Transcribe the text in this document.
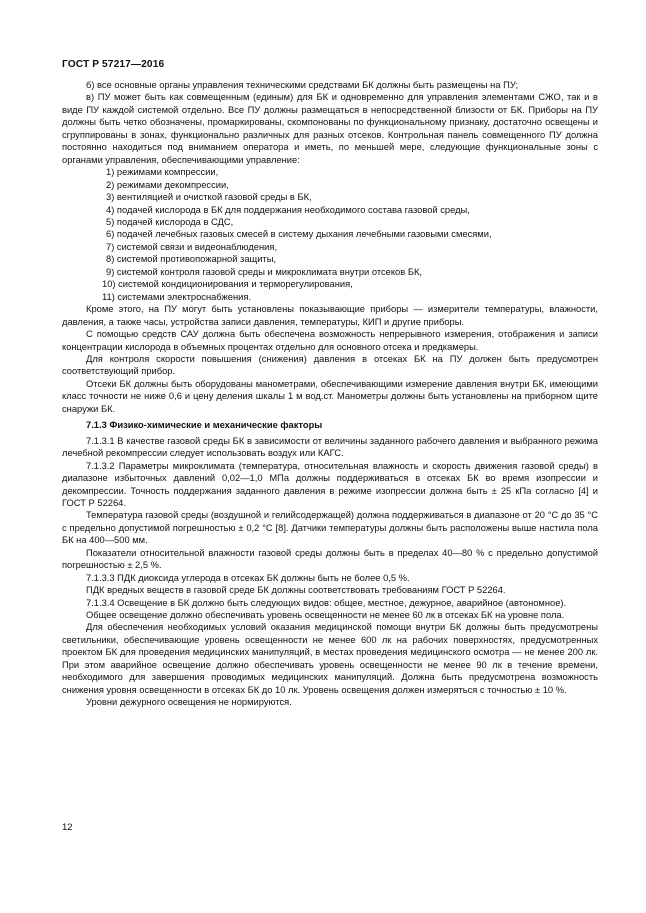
ГОСТ Р 57217—2016

б) все основные органы управления техническими средствами БК должны быть размещены на ПУ;

в) ПУ может быть как совмещенным (единым) для БК и одновременно для управления элементами СЖО, так и в виде ПУ каждой системой отдельно. Все ПУ должны размещаться в непосредственной близости от БК. Приборы на ПУ должны быть четко обозначены, промаркированы, скомпонованы по функциональному признаку, достаточно освещены и сгруппированы в зонах, функционально различных для разных отсеков. Контрольная панель совмещенного ПУ должна постоянно находиться под вниманием оператора и иметь, по меньшей мере, следующие функциональные зоны с органами управления, обеспечивающими управление:

1) режимами компрессии,

2) режимами декомпрессии,

3) вентиляцией и очисткой газовой среды в БК,

4) подачей кислорода в БК для поддержания необходимого состава газовой среды,

5) подачей кислорода в СДС,

6) подачей лечебных газовых смесей в систему дыхания лечебными газовыми смесями,

7) системой связи и видеонаблюдения,

8) системой противопожарной защиты,

9) системой контроля газовой среды и микроклимата внутри отсеков БК,

10) системой кондиционирования и терморегулирования,

11) системами электроснабжения.

Кроме этого, на ПУ могут быть установлены показывающие приборы — измерители температуры, влажности, давления, а также часы, устройства записи давления, температуры, КИП и другие приборы.

С помощью средств САУ должна быть обеспечена возможность непрерывного измерения, отображения и записи концентрации кислорода в объемных процентах отдельно для основного отсека и предкамеры.

Для контроля скорости повышения (снижения) давления в отсеках БК на ПУ должен быть предусмотрен соответствующий прибор.

Отсеки БК должны быть оборудованы манометрами, обеспечивающими измерение давления внутри БК, имеющими класс точности не ниже 0,6 и цену деления шкалы 1 м вод.ст. Манометры должны быть установлены на приборном щите снаружи БК.

7.1.3 Физико-химические и механические факторы

7.1.3.1 В качестве газовой среды БК в зависимости от величины заданного рабочего давления и выбранного режима лечебной рекомпрессии следует использовать воздух или КАГС.

7.1.3.2 Параметры микроклимата (температура, относительная влажность и скорость движения газовой среды) в диапазоне избыточных давлений 0,02—1,0 МПа должны поддерживаться в отсеках БК во время изопрессии и декомпрессии. Точность поддержания заданного давления в режиме изопрессии должна быть ± 25 кПа согласно [4] и ГОСТ Р 52264.

Температура газовой среды (воздушной и гелийсодержащей) должна поддерживаться в диапазоне от 20 °С до 35 °С с предельно допустимой погрешностью ± 0,2 °С [8]. Датчики температуры должны быть расположены выше настила пола БК на 400—500 мм.

Показатели относительной влажности газовой среды должны быть в пределах 40—80 % с предельно допустимой погрешностью ± 2,5 %.

7.1.3.3 ПДК диоксида углерода в отсеках БК должны быть не более 0,5 %.

ПДК вредных веществ в газовой среде БК должны соответствовать требованиям ГОСТ Р 52264.

7.1.3.4 Освещение в БК должно быть следующих видов: общее, местное, дежурное, аварийное (автономное).

Общее освещение должно обеспечивать уровень освещенности не менее 60 лк в отсеках БК на уровне пола.

Для обеспечения необходимых условий оказания медицинской помощи внутри БК должны быть предусмотрены светильники, обеспечивающие уровень освещенности не менее 600 лк на рабочих поверхностях, предусмотренных проектом БК для проведения медицинских манипуляций, в местах проведения медицинского осмотра — не менее 200 лк. При этом аварийное освещение должно обеспечивать уровень освещенности не менее 90 лк в течение времени, необходимого для завершения проводимых медицинских манипуляций. Должна быть предусмотрена возможность снижения уровня освещенности в отсеках БК до 10 лк. Уровень освещения должен измеряться с точностью ± 10 %.

Уровни дежурного освещения не нормируются.

12
